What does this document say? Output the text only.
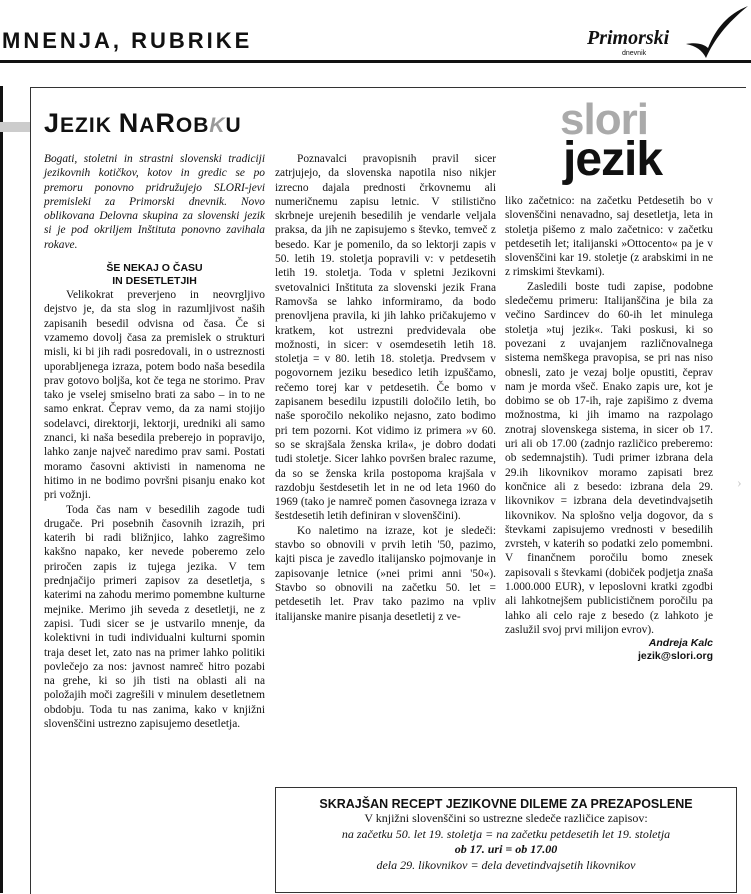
MNENJA, RUBRIKE	Primorski
dnevnik
›
JEZIK NAROBKU	slori
jezik

Bogati, stoletni in strastni slovenski tradiciji jezikovnih kotičkov, kotov in gredic se po premoru ponovno pridružujejo SLORI-jevi premisleki za Primorski dnevnik. Novo oblikovana Delovna skupina za slovenski jezik si je pod okriljem Inštituta ponovno zavihala rokave.

ŠE NEKAJ O ČASU
IN DESETLETJIH

Velikokrat preverjeno in neovrgljivo dejstvo je, da sta slog in razumljivost naših zapisanih besedil odvisna od časa. Če si vzamemo dovolj časa za premislek o strukturi misli, ki bi jih radi posredovali, in o ustreznosti uporabljenega izraza, potem bodo naša besedila prav gotovo boljša, kot če tega ne storimo. Prav tako je vselej smiselno brati za sabo – in to ne samo enkrat. Čeprav vemo, da za nami stojijo sodelavci, direktorji, lektorji, uredniki ali samo znanci, ki naša besedila preberejo in popravijo, lahko zanje največ naredimo prav sami. Postati moramo časovni aktivisti in namenoma ne hitimo in ne bodimo površni pisanju enako kot pri vožnji.

Toda čas nam v besedilih zagode tudi drugače. Pri posebnih časovnih izrazih, pri katerih bi radi bližnjico, lahko zagrešimo kakšno napako, ker nevede poberemo zelo priročen zapis iz tujega jezika. V tem prednjačijo primeri zapisov za desetletja, s katerimi na zahodu merimo pomembne kulturne mejnike. Merimo jih seveda z desetletji, ne z zapisi. Tudi sicer se je ustvarilo mnenje, da kolektivni in tudi individualni kulturni spomin traja deset let, zato nas na primer lahko politiki povlečejo za nos: javnost namreč hitro pozabi na grehe, ki so jih tisti na oblasti ali na položajih moči zagrešili v minulem desetletnem obdobju. Toda tu nas zanima, kako v knjižni slovenščini ustrezno zapisujemo desetletja.

Poznavalci pravopisnih pravil sicer zatrjujejo, da slovenska napotila niso nikjer izrecno dajala prednosti črkovnemu ali numeričnemu zapisu letnic. V stilistično skrbneje urejenih besedilih je vendarle veljala praksa, da jih ne zapisujemo s števko, temveč z besedo. Kar je pomenilo, da so lektorji zapis v 50. letih 19. stoletja popravili v: v petdesetih letih 19. stoletja. Toda v spletni Jezikovni svetovalnici Inštituta za slovenski jezik Frana Ramovša se lahko informiramo, da bodo prenovljena pravila, ki jih lahko pričakujemo v kratkem, kot ustrezni predvidevala obe možnosti, in sicer: v osemdesetih letih 18. stoletja = v 80. letih 18. stoletja. Predvsem v pogovornem jeziku besedico letih izpuščamo, rečemo torej kar v petdesetih. Če bomo v zapisanem besedilu izpustili določilo letih, bo naše sporočilo nekoliko nejasno, zato bodimo pri tem pozorni. Kot vidimo iz primera »v 60. so se skrajšala ženska krila«, je dobro dodati tudi stoletje. Sicer lahko površen bralec razume, da so se ženska krila postopoma krajšala v razdobju šestdesetih let in ne od leta 1960 do 1969 (tako je namreč pomen časovnega izraza v šestdesetih letih definiran v slovenščini).

Ko naletimo na izraze, kot je sledeči: stavbo so obnovili v prvih letih '50, pazimo, kajti pisca je zavedlo italijansko pojmovanje in zapisovanje letnice (»nei primi anni '50«). Stavbo so obnovili na začetku 50. let = petdesetih let. Prav tako pazimo na vpliv italijanske manire pisanja desetletij z ve-

liko začetnico: na začetku Petdesetih bo v slovenščini nenavadno, saj desetletja, leta in stoletja pišemo z malo začetnico: v začetku petdesetih let; italijanski »Ottocento« pa je v slovenščini kar 19. stoletje (z arabskimi in ne z rimskimi števkami).

Zasledili boste tudi zapise, podobne sledečemu primeru: Italijanščina je bila za večino Sardincev do 60-ih let minulega stoletja »tuj jezik«. Taki poskusi, ki so povezani z uvajanjem različnovalnega sistema nemškega pravopisa, se pri nas niso obnesli, zato je vezaj bolje opustiti, čeprav nam je morda všeč. Enako zapis ure, kot je dobimo se ob 17-ih, raje zapišimo z dvema možnostma, ki jih imamo na razpolago znotraj slovenskega sistema, in sicer ob 17. uri ali ob 17.00 (zadnjo različico preberemo: ob sedemnajstih). Tudi primer izbrana dela 29.ih likovnikov moramo zapisati brez končnice ali z besedo: izbrana dela 29. likovnikov = izbrana dela devetindvajsetih likovnikov. Na splošno velja dogovor, da s števkami zapisujemo vrednosti v besedilih zvrsteh, v katerih so podatki zelo pomembni. V finančnem poročilu bomo znesek zapisovali s števkami (dobiček podjetja znaša 1.000.000 EUR), v leposlovni kratki zgodbi ali lahkotnejšem publicističnem poročilu pa lahko ali celo raje z besedo (z lahkoto je zaslužil svoj prvi milijon evrov).

Andreja Kalc
jezik@slori.org
SKRAJŠAN RECEPT JEZIKOVNE DILEME ZA PREZAPOSLENE
V knjižni slovenščini so ustrezne sledeče različice zapisov:
na začetku 50. let 19. stoletja = na začetku petdesetih let 19. stoletja
ob 17. uri = ob 17.00
dela 29. likovnikov = dela devetindvajsetih likovnikov
